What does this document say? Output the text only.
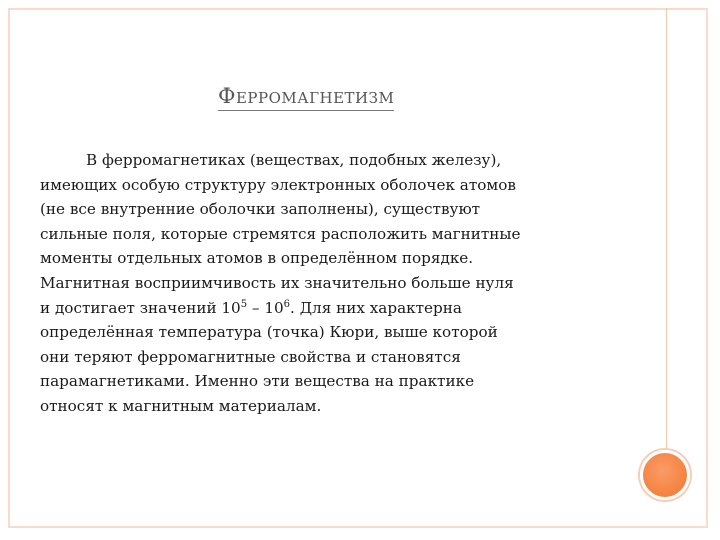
ФЕРРОМАГНЕТИЗМ
В ферромагнетиках (веществах, подобных железу),
имеющих особую структуру электронных оболочек атомов
(не все внутренние оболочки заполнены), существуют
сильные поля, которые стремятся расположить магнитные
моменты отдельных атомов в определённом порядке.
Магнитная восприимчивость их значительно больше нуля
и достигает значений $10^5 - 10^6$. Для них характерна
определённая температура (точка) Кюри, выше которой
они теряют ферромагнитные свойства и становятся
парамагнетиками. Именно эти вещества на практике
относят к магнитным материалам.
